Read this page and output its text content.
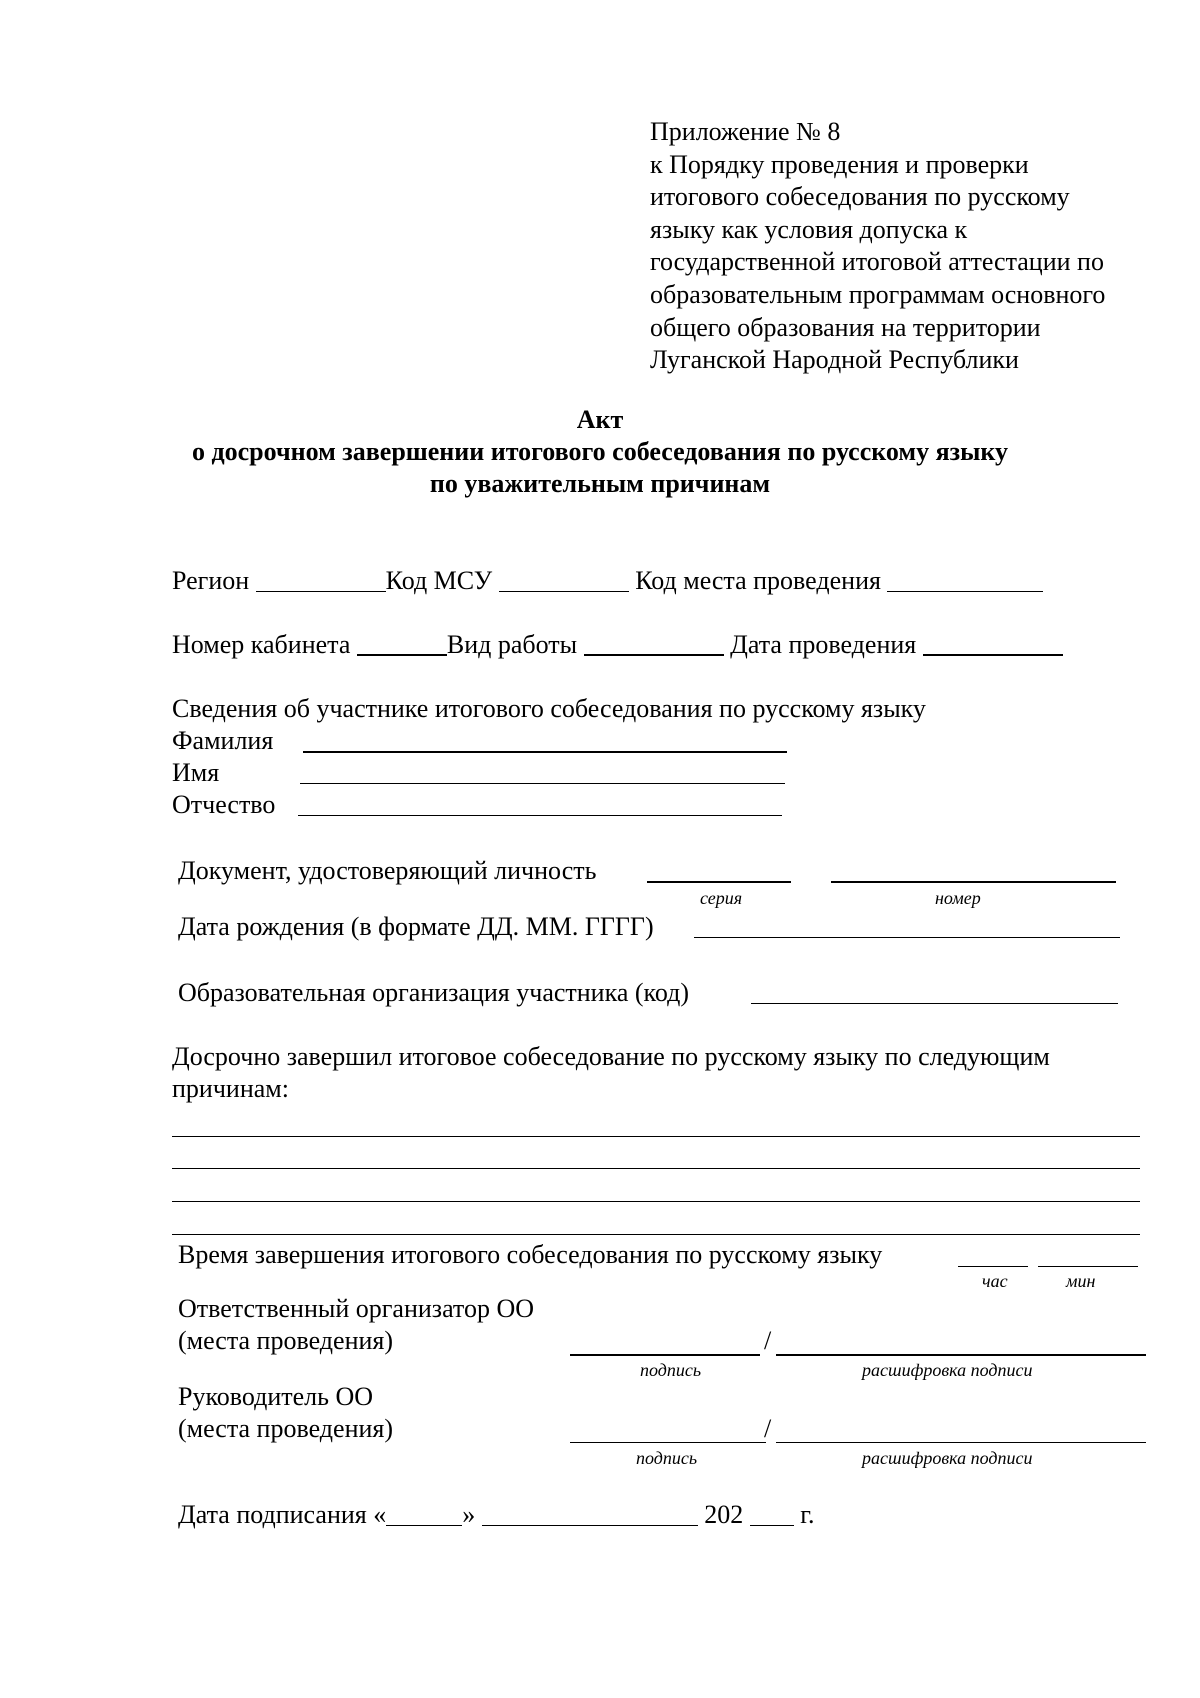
Приложение № 8
к Порядку проведения и проверки
итогового собеседования по русскому
языку как условия допуска к
государственной итоговой аттестации по
образовательным программам основного
общего образования на территории
Луганской Народной Республики
Акт
о досрочном завершении итогового собеседования по русскому языку
по уважительным причинам
Регион	Код МСУ	Код места проведения
Номер кабинета	Вид работы	Дата проведения
Сведения об участнике итогового собеседования по русскому языку
Фамилия
Имя
Отчество
Документ, удостоверяющий личность
серия	номер
Дата рождения (в формате ДД. ММ. ГГГГ)
Образовательная организация участника (код)
Досрочно завершил итоговое собеседование по русскому языку по следующим
причинам:
Время завершения итогового собеседования по русскому языку
час	мин
Ответственный организатор ОО
(места проведения)	/
подпись	расшифровка подписи
Руководитель ОО
(места проведения)	/
подпись	расшифровка подписи
Дата подписания «	»	202 г.
